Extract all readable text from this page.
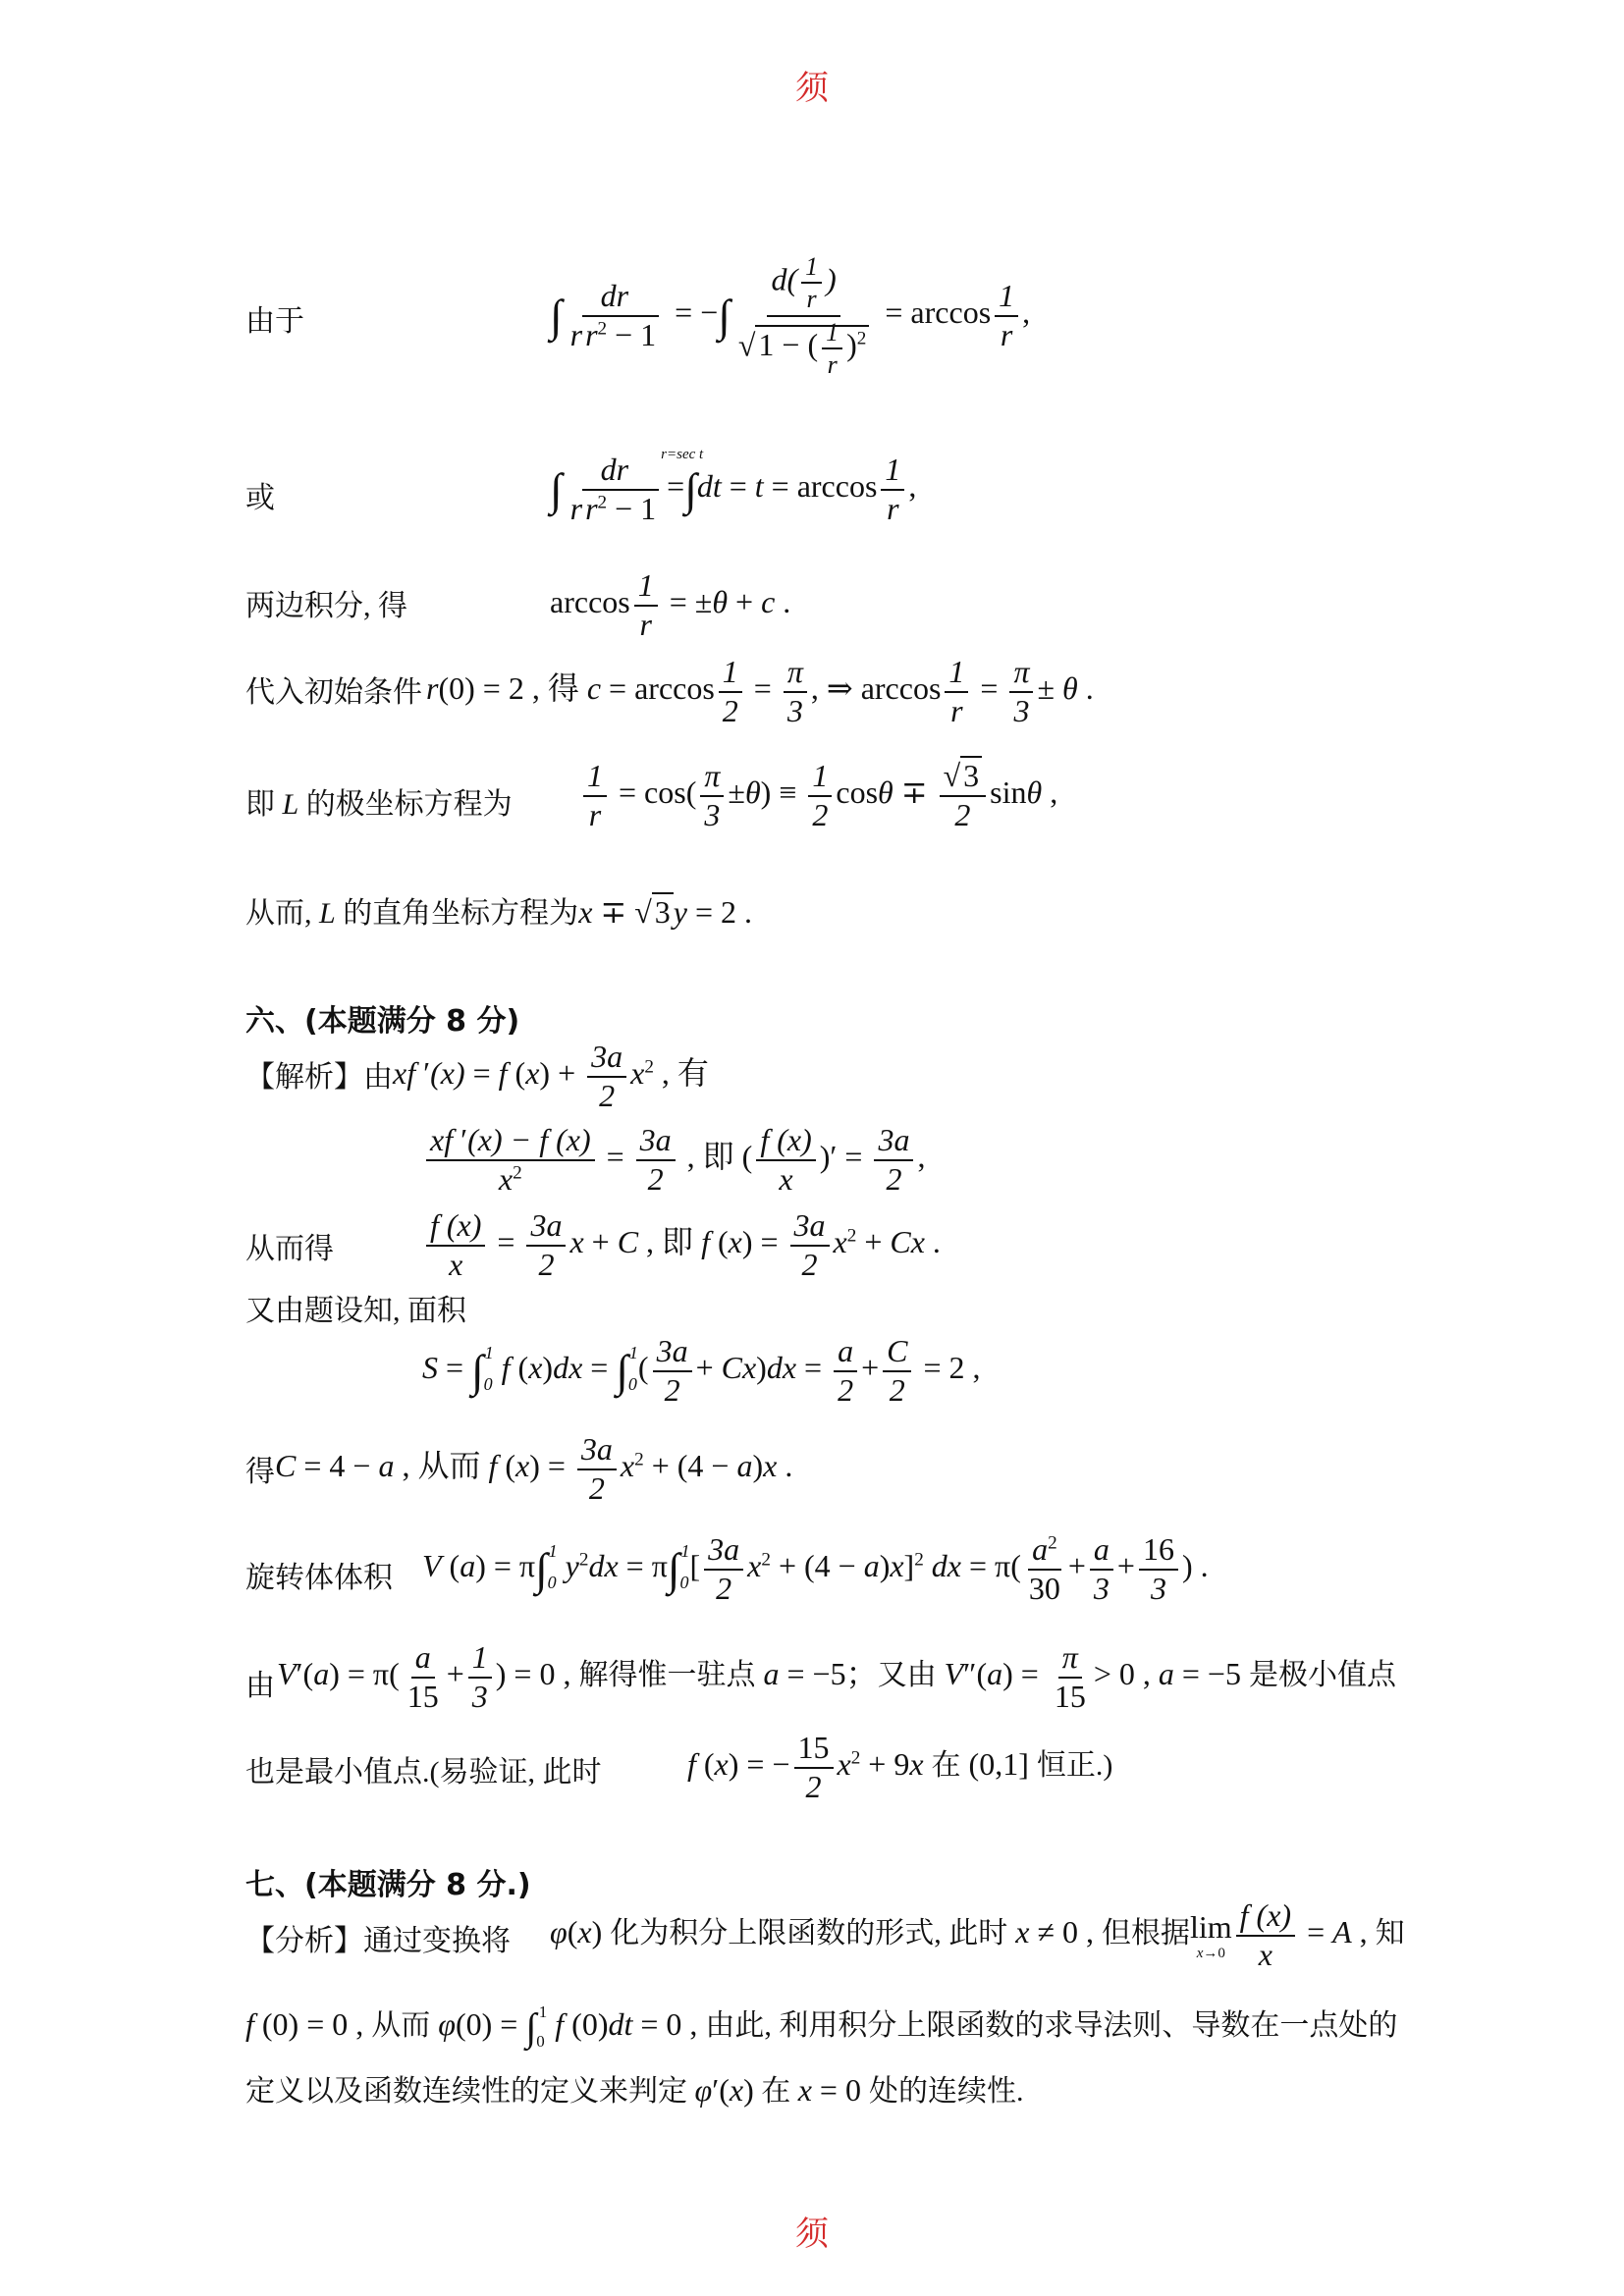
须
须
由于	∫ $\frac{dr}{rr^2 - 1}$ = −∫ $\frac{d( \frac{1}{r} )}{√1 - ( \frac{1}{r} )^2} = \arccos \frac{1}{r}$ ,
或	∫ $\frac{dr}{rr^2 - 1}$
r=sec t
$=\int dt = t = \arccos \frac{1}{r}$ ,
两边积分, 得	$\arccos \frac{1}{r} = \pm\theta + c$ .
代入初始条件 r(0) = 2 , 得 $c = \arccos \frac{1}{2} = \frac{\pi}{3}$ , ⇒ $\arccos \frac{1}{r} = \frac{\pi}{3} \pm \theta$ .
即 L 的极坐标方程为 $\frac{1}{r} = \cos( \frac{\pi}{3} \pm\theta) \equiv \frac{1}{2}$ $\cos\theta \mp \frac{√3}{2}$ sinθ ,
从而, L 的直角坐标方程为x ∓ √3y = 2 .
六、(本题满分 8 分)
【解析】由 xf ′(x) = f $(x) + \frac{3a}{2} x^2$ , 有
$\frac{xf '(x) - f (x)}{x^2} = \frac{3a}{2}$ , 即 ( $\frac{f (x)}{x}$ )′ = $\frac{3a}{2}$ ,
从而得	$\frac{f (x)}{x} = \frac{3a}{2}$ x + C , 即 f $(x) = \frac{3a}{2} x^2 + Cx$ .
又由题设知, 面积
$S = \int_0^1$ f $(x)dx = \int_0^1( \frac{3a}{2} + Cx)dx = \frac{a}{2} + \frac{C}{2} = 2$ ,
得 C = 4 − a , 从而 f $(x) = \frac{3a}{2} x^2 + (4 - a)x$ .
旋转体体积 V $(a) = \pi\int_0^1$ $y^2dx = \pi\int_0^1[ \frac{3a}{2} x^2 + (4 - a)x]^2$ dx = $\pi( \frac{a^2}{30} + \frac{a}{3} + \frac{16}{3}$ ) .
由 $V'(a) = \pi( \frac{a}{15} + \frac{1}{3}$ ) = 0 , 解得惟一驻点 a = −5；又由 $V''(a) = \frac{\pi}{15} > 0$ , a = −5 是极小值点
也是最小值点.(易验证, 此时	f (x) = − $\frac{15}{2} x^2 + 9x$ 在 (0,1] 恒正.)
七、(本题满分 8 分.)
【分析】通过变换将 φ(x) 化为积分上限函数的形式, 此时 x ≠ 0 , 但根据 lim
$x\to 0 \frac{f (x)}{x} = A$ , 知
f (0) = 0 , 从而 $\varphi(0) = \int_0^1$ f (0)dt = 0 , 由此, 利用积分上限函数的求导法则、导数在一点处的
定义以及函数连续性的定义来判定 φ′(x) 在 x = 0 处的连续性.
